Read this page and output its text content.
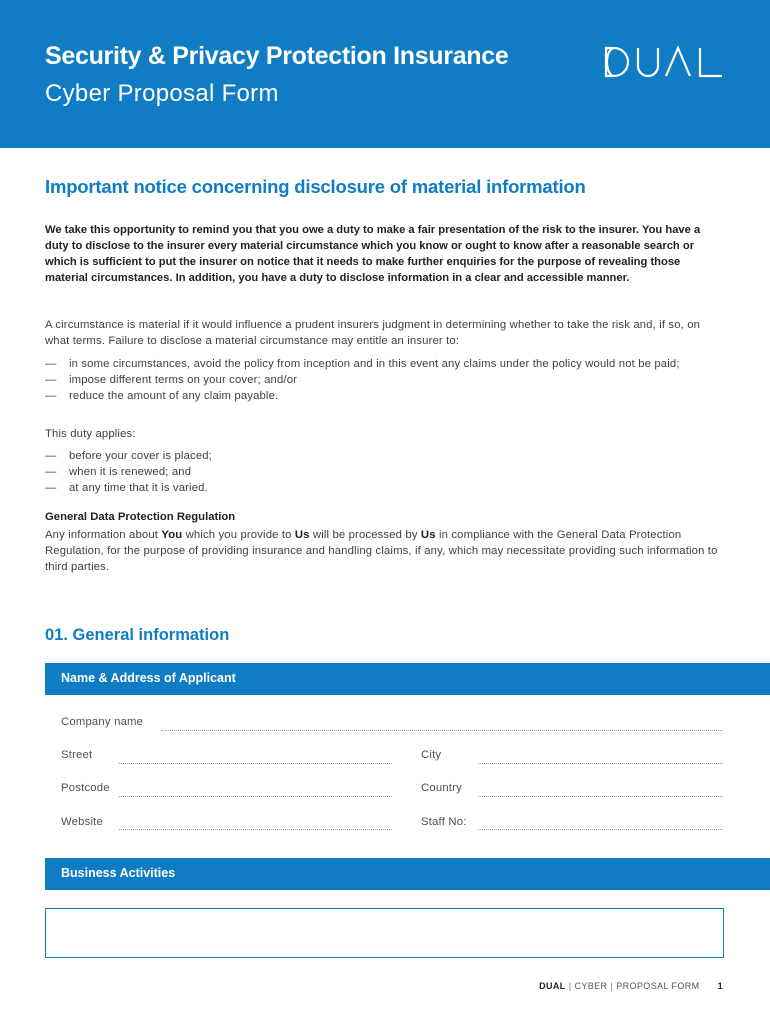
Security & Privacy Protection Insurance
Cyber Proposal Form
Important notice concerning disclosure of material information

We take this opportunity to remind you that you owe a duty to make a fair presentation of the risk to the insurer. You have a duty to disclose to the insurer every material circumstance which you know or ought to know after a reasonable search or which is sufficient to put the insurer on notice that it needs to make further enquiries for the purpose of revealing those material circumstances. In addition, you have a duty to disclose information in a clear and accessible manner.

A circumstance is material if it would influence a prudent insurers judgment in determining whether to take the risk and, if so, on what terms. Failure to disclose a material circumstance may entitle an insurer to:

— in some circumstances, avoid the policy from inception and in this event any claims under the policy would not be paid;
— impose different terms on your cover; and/or
— reduce the amount of any claim payable.

This duty applies:

— before your cover is placed;
— when it is renewed; and
— at any time that it is varied.
General Data Protection Regulation

Any information about You which you provide to Us will be processed by Us in compliance with the General Data Protection Regulation, for the purpose of providing insurance and handling claims, if any, which may necessitate providing such information to third parties.

01. General information
Name & Address of Applicant
Company name
Street	City
Postcode	Country
Website	Staff No:
Business Activities
DUAL | CYBER | PROPOSAL FORM 1
